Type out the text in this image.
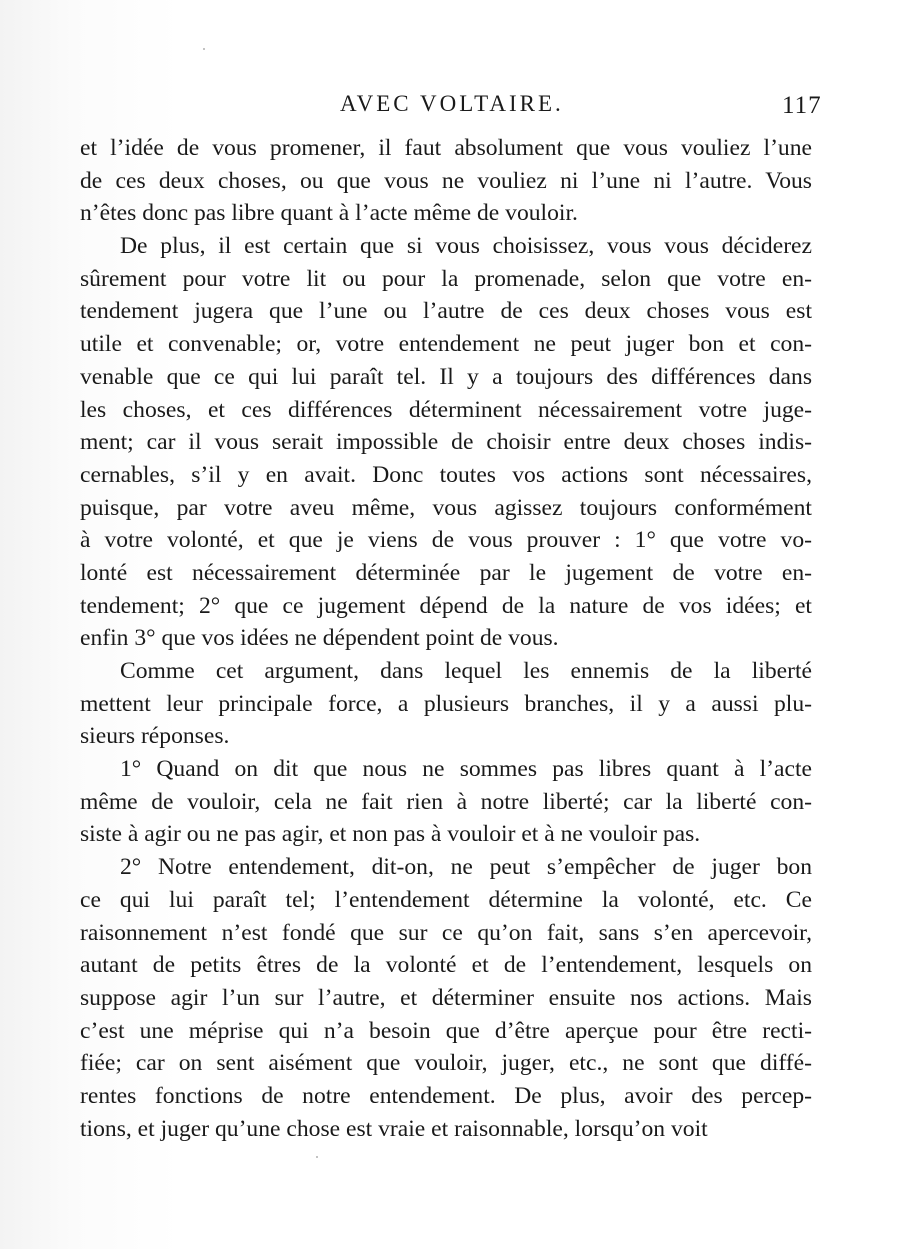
AVEC VOLTAIRE.	117
et l’idée de vous promener, il faut absolument que vous vouliez l’une
de ces deux choses, ou que vous ne vouliez ni l’une ni l’autre. Vous
n’êtes donc pas libre quant à l’acte même de vouloir.
De plus, il est certain que si vous choisissez, vous vous déciderez
sûrement pour votre lit ou pour la promenade, selon que votre en-
tendement jugera que l’une ou l’autre de ces deux choses vous est
utile et convenable; or, votre entendement ne peut juger bon et con-
venable que ce qui lui paraît tel. Il y a toujours des différences dans
les choses, et ces différences déterminent nécessairement votre juge-
ment; car il vous serait impossible de choisir entre deux choses indis-
cernables, s’il y en avait. Donc toutes vos actions sont nécessaires,
puisque, par votre aveu même, vous agissez toujours conformément
à votre volonté, et que je viens de vous prouver : 1° que votre vo-
lonté est nécessairement déterminée par le jugement de votre en-
tendement; 2° que ce jugement dépend de la nature de vos idées; et
enfin 3° que vos idées ne dépendent point de vous.
Comme cet argument, dans lequel les ennemis de la liberté
mettent leur principale force, a plusieurs branches, il y a aussi plu-
sieurs réponses.
1° Quand on dit que nous ne sommes pas libres quant à l’acte
même de vouloir, cela ne fait rien à notre liberté; car la liberté con-
siste à agir ou ne pas agir, et non pas à vouloir et à ne vouloir pas.
2° Notre entendement, dit-on, ne peut s’empêcher de juger bon
ce qui lui paraît tel; l’entendement détermine la volonté, etc. Ce
raisonnement n’est fondé que sur ce qu’on fait, sans s’en apercevoir,
autant de petits êtres de la volonté et de l’entendement, lesquels on
suppose agir l’un sur l’autre, et déterminer ensuite nos actions. Mais
c’est une méprise qui n’a besoin que d’être aperçue pour être recti-
fiée; car on sent aisément que vouloir, juger, etc., ne sont que diffé-
rentes fonctions de notre entendement. De plus, avoir des percep-
tions, et juger qu’une chose est vraie et raisonnable, lorsqu’on voit
